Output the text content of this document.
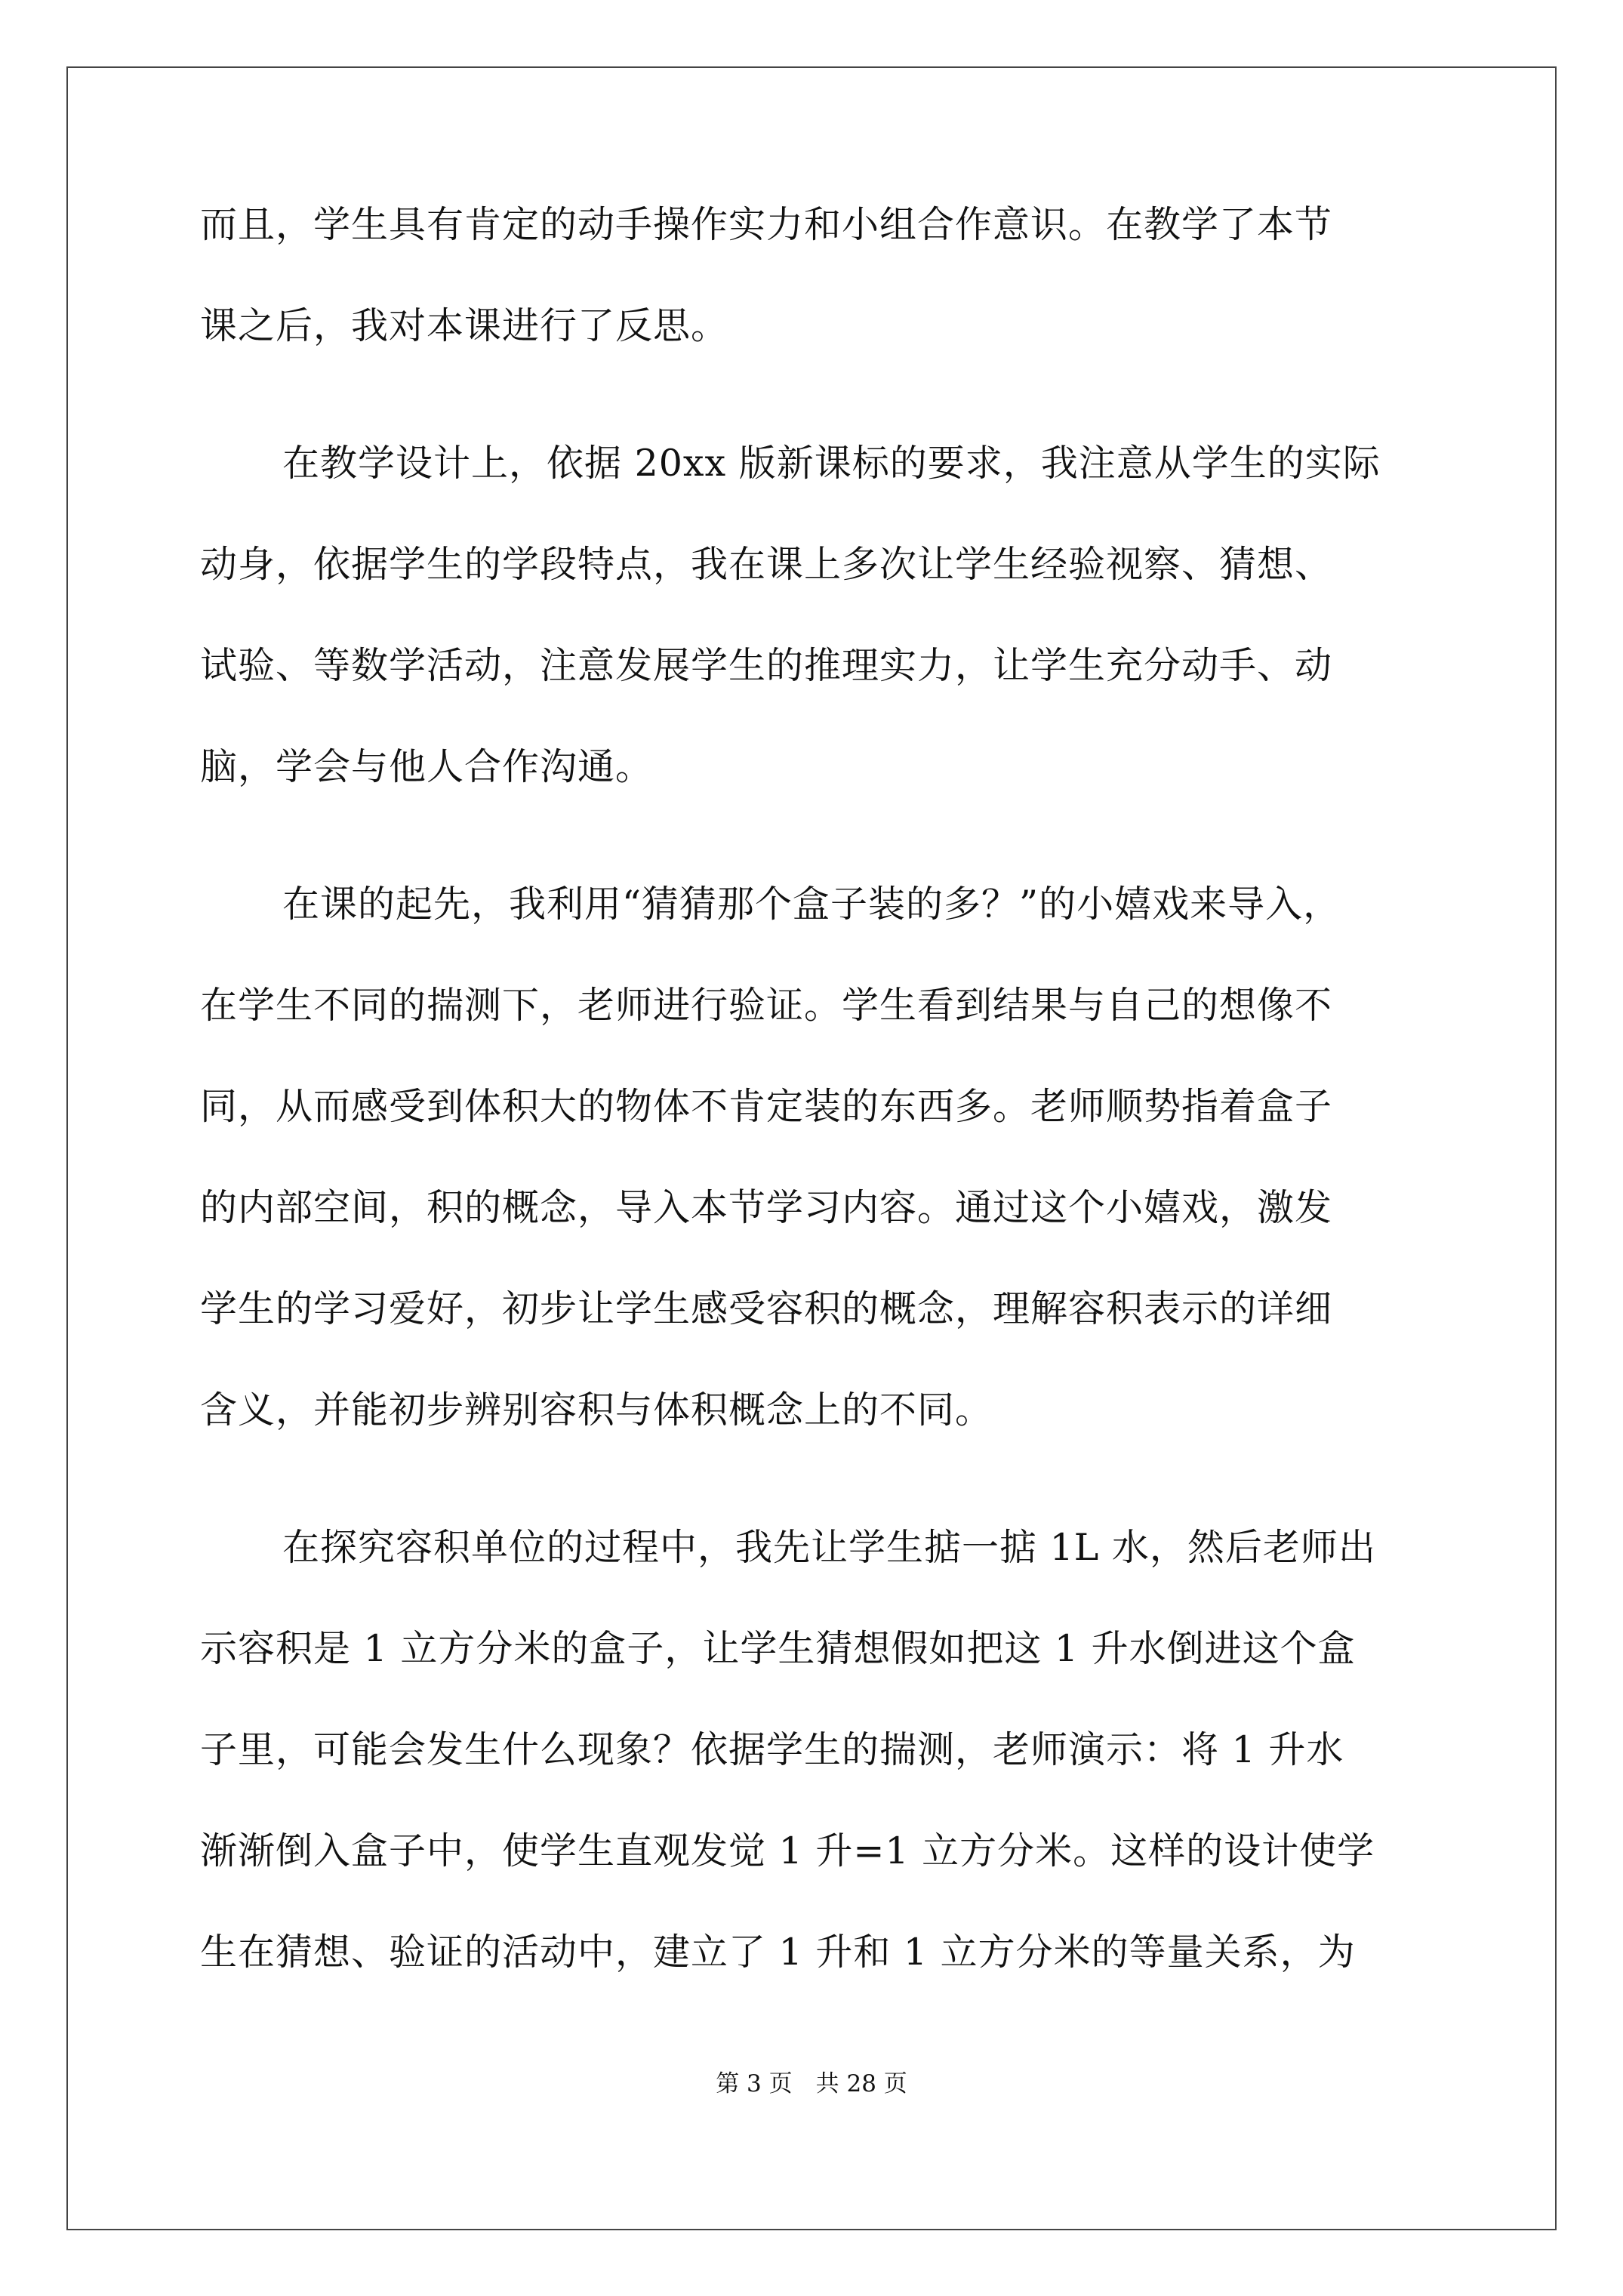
而且，学生具有肯定的动手操作实力和小组合作意识。在教学了本节
课之后，我对本课进行了反思。
在教学设计上，依据 20xx 版新课标的要求，我注意从学生的实际
动身，依据学生的学段特点，我在课上多次让学生经验视察、猜想、
试验、等数学活动，注意发展学生的推理实力，让学生充分动手、动
脑，学会与他人合作沟通。
在课的起先，我利用“猜猜那个盒子装的多？”的小嬉戏来导入，
在学生不同的揣测下，老师进行验证。学生看到结果与自己的想像不
同，从而感受到体积大的物体不肯定装的东西多。老师顺势指着盒子
的内部空间，积的概念，导入本节学习内容。通过这个小嬉戏，激发
学生的学习爱好，初步让学生感受容积的概念，理解容积表示的详细
含义，并能初步辨别容积与体积概念上的不同。
在探究容积单位的过程中，我先让学生掂一掂 1L 水，然后老师出
示容积是 1 立方分米的盒子，让学生猜想假如把这 1 升水倒进这个盒
子里，可能会发生什么现象？依据学生的揣测，老师演示：将 1 升水
渐渐倒入盒子中，使学生直观发觉 1 升=1 立方分米。这样的设计使学
生在猜想、验证的活动中，建立了 1 升和 1 立方分米的等量关系，为
第 3 页　共 28 页
